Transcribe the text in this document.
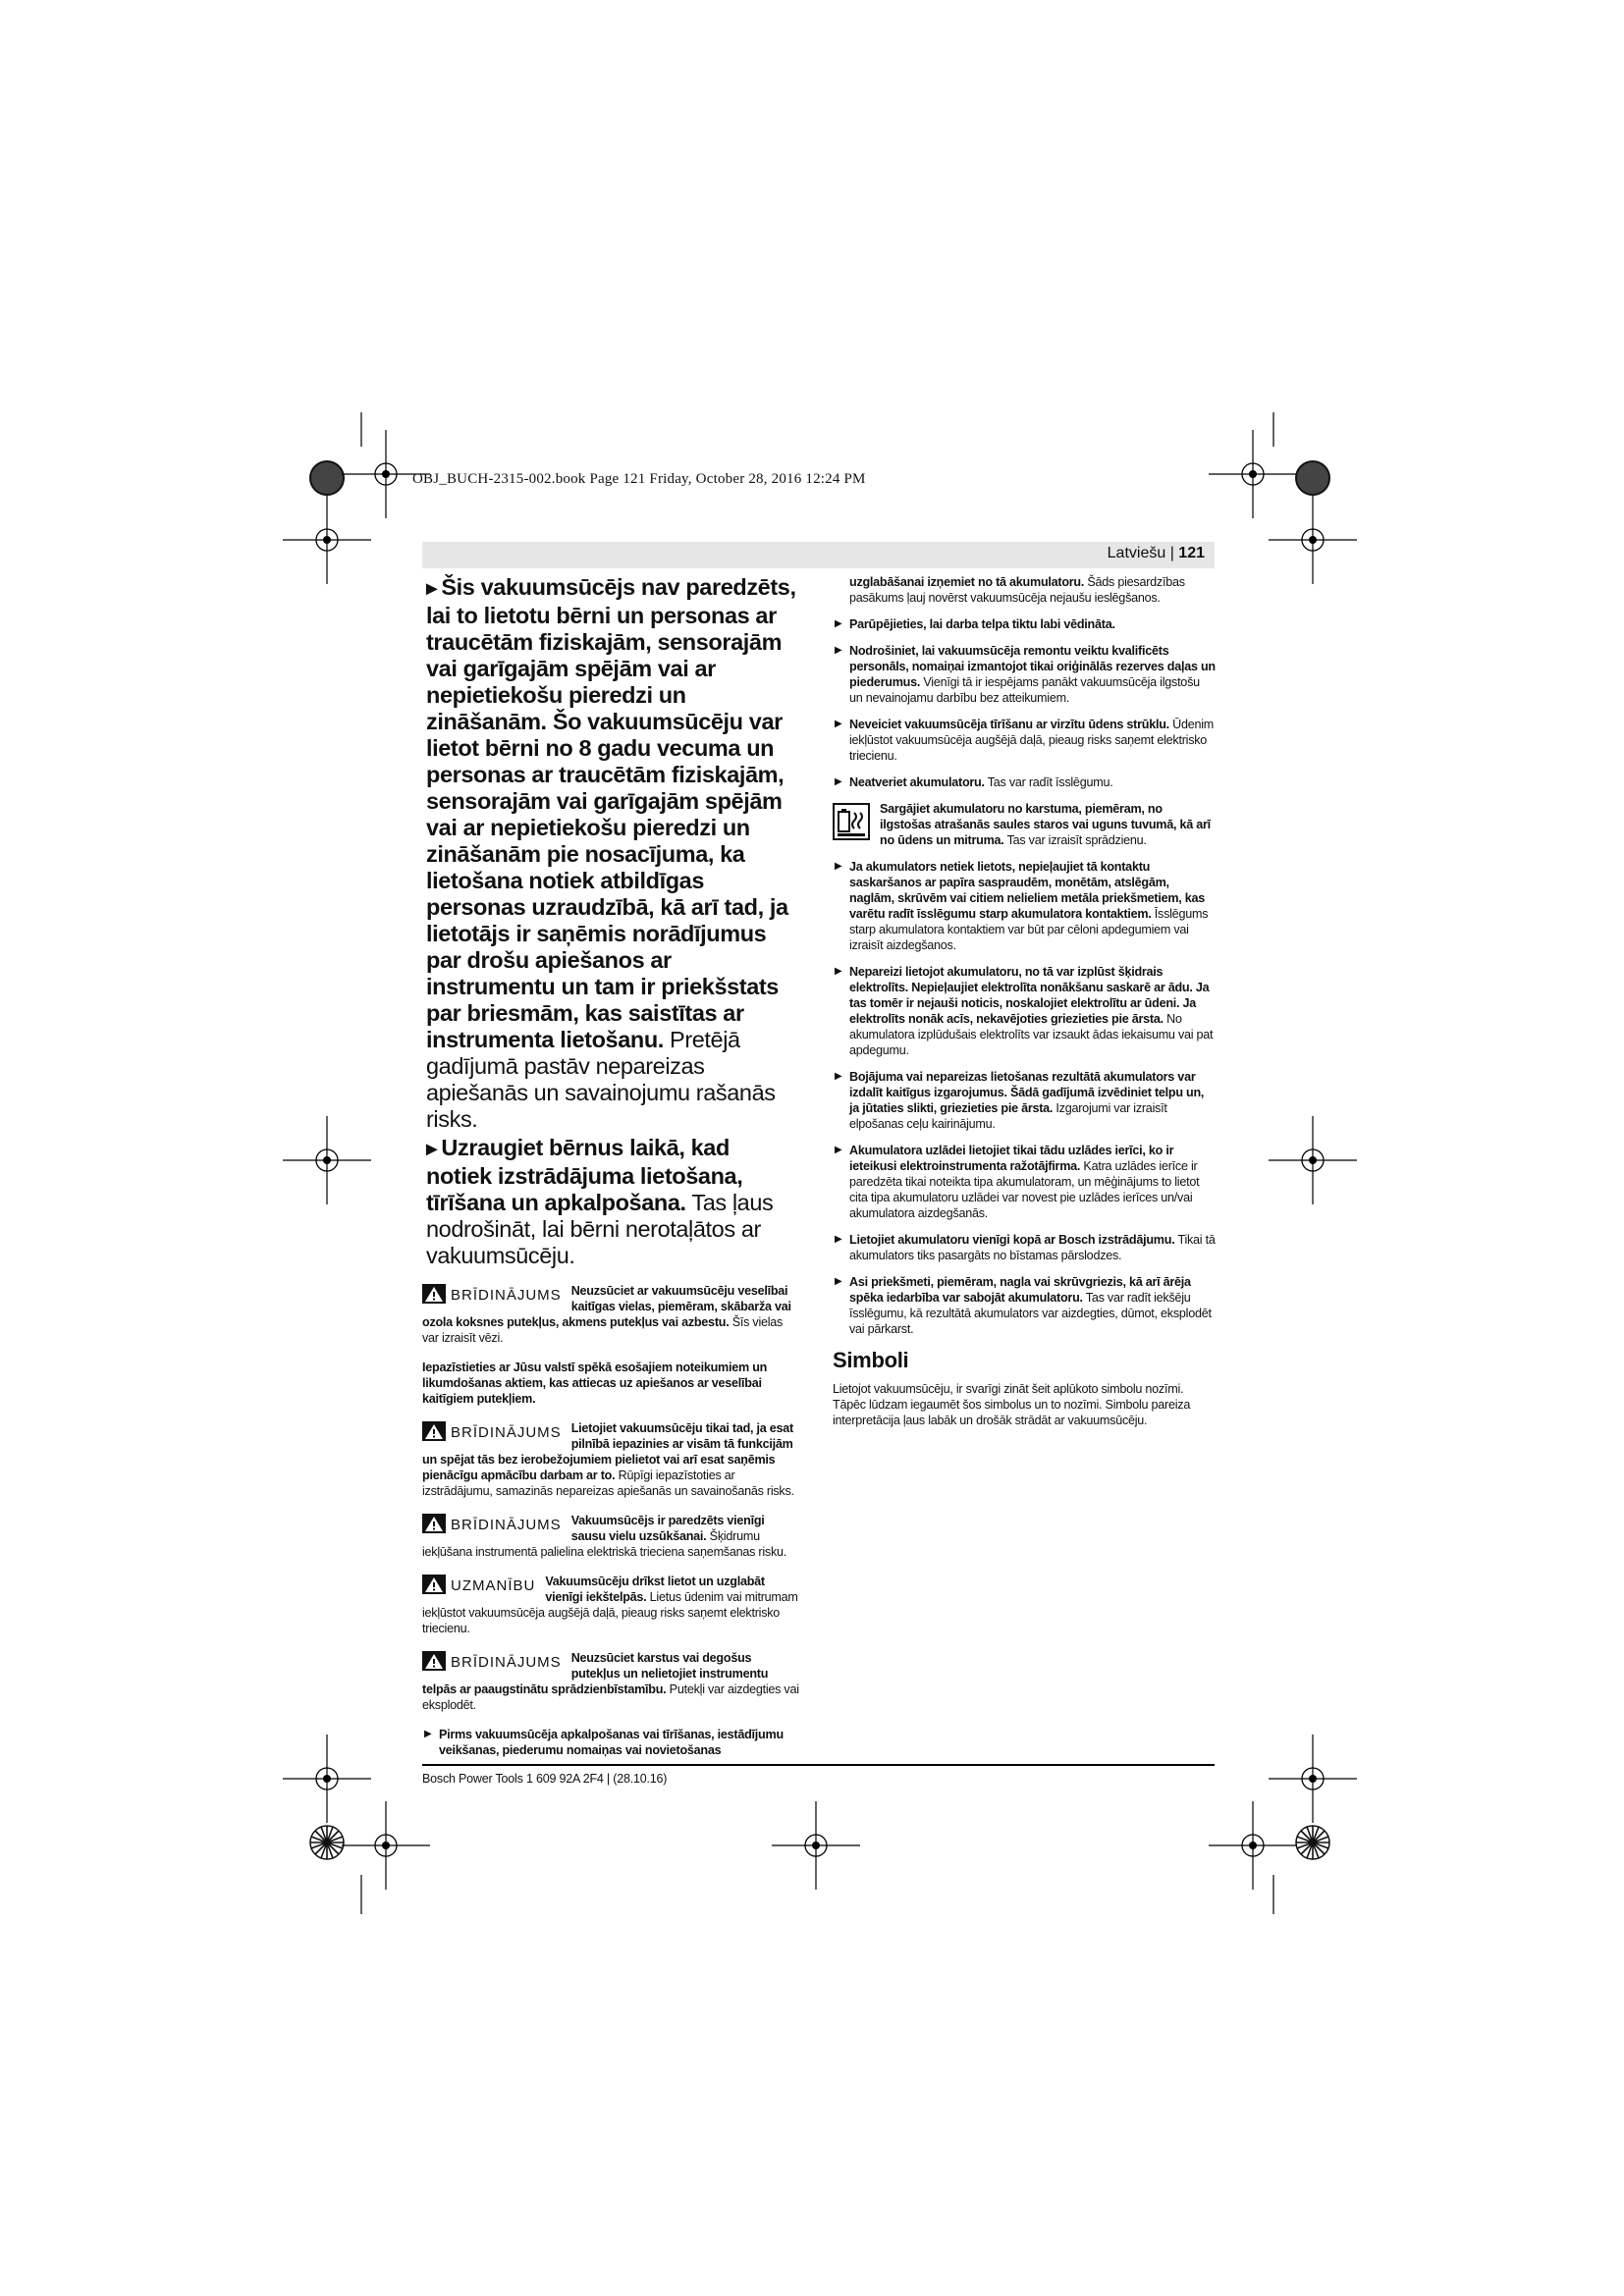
OBJ_BUCH-2315-002.book Page 121 Friday, October 28, 2016 12:24 PM
Latviešu | 121

►Šis vakuumsūcējs nav paredzēts, lai to lietotu bērni un personas ar traucētām fiziskajām, sensorajām vai garīgajām spējām vai ar nepietiekošu pieredzi un zināšanām. Šo vakuumsūcēju var lietot bērni no 8 gadu vecuma un personas ar traucētām fiziskajām, sensorajām vai garīgajām spējām vai ar nepietiekošu pieredzi un zināšanām pie nosacījuma, ka lietošana notiek atbildīgas personas uzraudzībā, kā arī tad, ja lietotājs ir saņēmis norādījumus par drošu apiešanos ar instrumentu un tam ir priekšstats par briesmām, kas saistītas ar instrumenta lietošanu. Pretējā gadījumā pastāv nepareizas apiešanās un savainojumu rašanās risks.

►Uzraugiet bērnus laikā, kad notiek izstrādājuma lietošana, tīrīšana un apkalpošana. Tas ļaus nodrošināt, lai bērni nerotaļātos ar vakuumsūcēju.

BRĪDINĀJUMS Neuzsūciet ar vakuumsūcēju veselībai kaitīgas vielas, piemēram, skābarža vai ozola koksnes putekļus, akmens putekļus vai azbestu. Šīs vielas var izraisīt vēzi.

Iepazīstieties ar Jūsu valstī spēkā esošajiem noteikumiem un likumdošanas aktiem, kas attiecas uz apiešanos ar veselībai kaitīgiem putekļiem.

BRĪDINĀJUMS Lietojiet vakuumsūcēju tikai tad, ja esat pilnībā iepazinies ar visām tā funkcijām un spējat tās bez ierobežojumiem pielietot vai arī esat saņēmis pienācīgu apmācību darbam ar to. Rūpīgi iepazīstoties ar izstrādājumu, samazinās nepareizas apiešanās un savainošanās risks.

BRĪDINĀJUMS Vakuumsūcējs ir paredzēts vienīgi sausu vielu uzsūkšanai. Šķidrumu iekļūšana instrumentā palielina elektriskā trieciena saņemšanas risku.

UZMANĪBU Vakuumsūcēju drīkst lietot un uzglabāt vienīgi iekštelpās. Lietus ūdenim vai mitrumam iekļūstot vakuumsūcēja augšējā daļā, pieaug risks saņemt elektrisko triecienu.

BRĪDINĀJUMS Neuzsūciet karstus vai degošus putekļus un nelietojiet instrumentu telpās ar paaugstinātu sprādzienbīstamību. Putekļi var aizdegties vai eksplodēt.

▶ Pirms vakuumsūcēja apkalpošanas vai tīrīšanas, iestādījumu veikšanas, piederumu nomaiņas vai novietošanas

uzglabāšanai izņemiet no tā akumulatoru. Šāds piesardzības pasākums ļauj novērst vakuumsūcēja nejaušu ieslēgšanos.

▶ Parūpējieties, lai darba telpa tiktu labi vēdināta.

▶ Nodrošiniet, lai vakuumsūcēja remontu veiktu kvalificēts personāls, nomaiņai izmantojot tikai oriģinālās rezerves daļas un piederumus. Vienīgi tā ir iespējams panākt vakuumsūcēja ilgstošu un nevainojamu darbību bez atteikumiem.

▶ Neveiciet vakuumsūcēja tīrīšanu ar virzītu ūdens strūklu. Ūdenim iekļūstot vakuumsūcēja augšējā daļā, pieaug risks saņemt elektrisko triecienu.

▶ Neatveriet akumulatoru. Tas var radīt īsslēgumu.

Sargājiet akumulatoru no karstuma, piemēram, no ilgstošas atrašanās saules staros vai uguns tuvumā, kā arī no ūdens un mitruma. Tas var izraisīt sprādzienu.

▶ Ja akumulators netiek lietots, nepieļaujiet tā kontaktu saskaršanos ar papīra saspraudēm, monētām, atslēgām, naglām, skrūvēm vai citiem nelieliem metāla priekšmetiem, kas varētu radīt īsslēgumu starp akumulatora kontaktiem. Īsslēgums starp akumulatora kontaktiem var būt par cēloni apdegumiem vai izraisīt aizdegšanos.

▶ Nepareizi lietojot akumulatoru, no tā var izplūst šķidrais elektrolīts. Nepieļaujiet elektrolīta nonākšanu saskarē ar ādu. Ja tas tomēr ir nejauši noticis, noskalojiet elektrolītu ar ūdeni. Ja elektrolīts nonāk acīs, nekavējoties griezieties pie ārsta. No akumulatora izplūdušais elektrolīts var izsaukt ādas iekaisumu vai pat apdegumu.

▶ Bojājuma vai nepareizas lietošanas rezultātā akumulators var izdalīt kaitīgus izgarojumus. Šādā gadījumā izvēdiniet telpu un, ja jūtaties slikti, griezieties pie ārsta. Izgarojumi var izraisīt elpošanas ceļu kairinājumu.

▶ Akumulatora uzlādei lietojiet tikai tādu uzlādes ierīci, ko ir ieteikusi elektroinstrumenta ražotājfirma. Katra uzlādes ierīce ir paredzēta tikai noteikta tipa akumulatoram, un mēģinājums to lietot cita tipa akumulatoru uzlādei var novest pie uzlādes ierīces un/vai akumulatora aizdegšanās.

▶ Lietojiet akumulatoru vienīgi kopā ar Bosch izstrādājumu. Tikai tā akumulators tiks pasargāts no bīstamas pārslodzes.

▶ Asi priekšmeti, piemēram, nagla vai skrūvgriezis, kā arī ārēja spēka iedarbība var sabojāt akumulatoru. Tas var radīt iekšēju īsslēgumu, kā rezultātā akumulators var aizdegties, dūmot, eksplodēt vai pārkarst.

Simboli

Lietojot vakuumsūcēju, ir svarīgi zināt šeit aplūkoto simbolu nozīmi. Tāpēc lūdzam iegaumēt šos simbolus un to nozīmi. Simbolu pareiza interpretācija ļaus labāk un drošāk strādāt ar vakuumsūcēju.

Bosch Power Tools 1 609 92A 2F4 | (28.10.16)
